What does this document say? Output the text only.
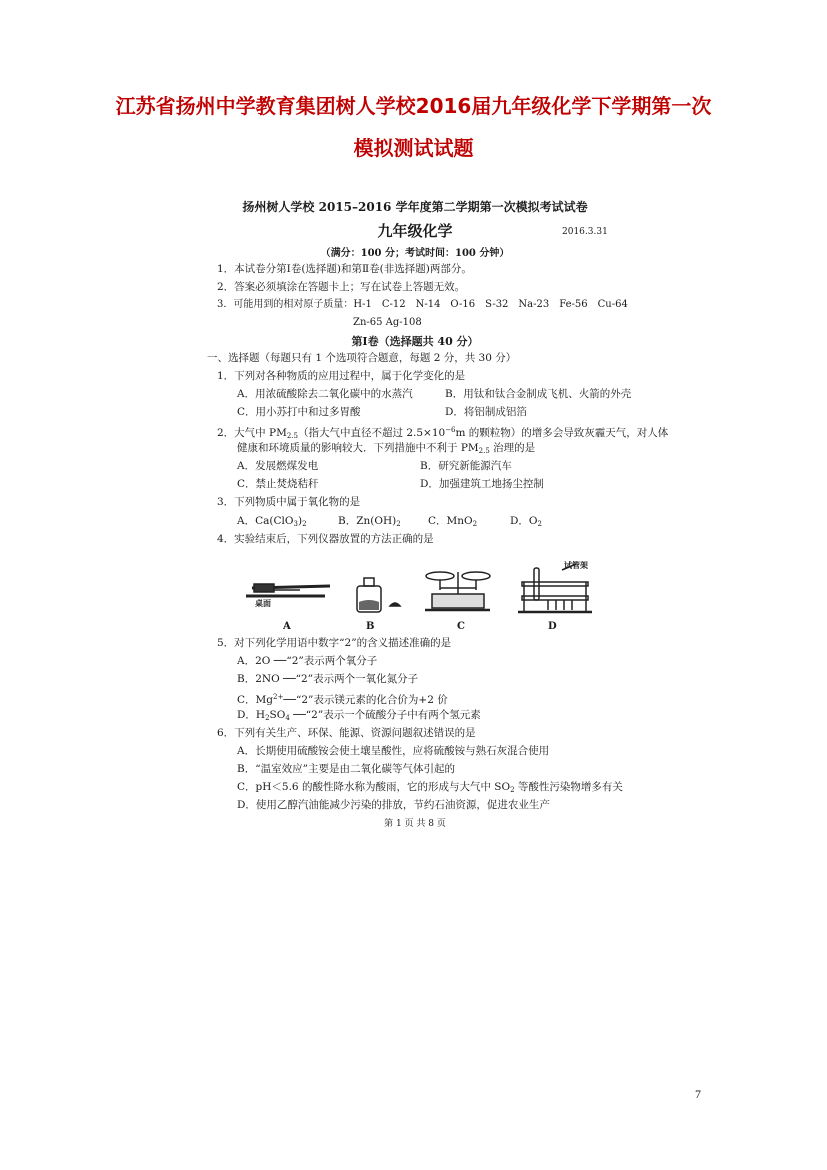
江苏省扬州中学教育集团树人学校2016届九年级化学下学期第一次
模拟测试试题
扬州树人学校 2015–2016 学年度第二学期第一次模拟考试试卷
九年级化学	2016.3.31
（满分：100 分；考试时间：100 分钟）
1．本试卷分第Ⅰ卷(选择题)和第Ⅱ卷(非选择题)两部分。
2．答案必须填涂在答题卡上；写在试卷上答题无效。
3．可能用到的相对原子质量：H-1　C-12　N-14　O-16　S-32　Na-23　Fe-56　Cu-64
Zn-65 Ag-108
第Ⅰ卷（选择题共 40 分）
一、选择题（每题只有 1 个选项符合题意，每题 2 分，共 30 分）
1．下列对各种物质的应用过程中，属于化学变化的是
A．用浓硫酸除去二氧化碳中的水蒸汽	B．用钛和钛合金制成飞机、火箭的外壳
C．用小苏打中和过多胃酸	D．将铝制成铝箔
2．大气中 $PM_{2.5}$（指大气中直径不超过 $2.5\times 10^{-6}m$ 的颗粒物）的增多会导致灰霾天气，对人体
健康和环境质量的影响较大．下列措施中不利于 $PM_{2.5}$ 治理的是
A．发展燃煤发电	B．研究新能源汽车
C．禁止焚烧秸秆	D．加强建筑工地扬尘控制
3．下列物质中属于氧化物的是
A．$Ca(ClO_3)_2$	B．$Zn(OH)_2$	C．MnO$_2$	D．$O_2$
4．实验结束后，下列仪器放置的方法正确的是
桌面
试管架
A	B	C	D
5．对下列化学用语中数字“2”的含义描述准确的是
A．2O ──“2”表示两个氧分子
B．2NO ──“2”表示两个一氧化氮分子
C．$Mg^{2+}──“2$”表示镁元素的化合价为+2 价
D．$H_2SO_4$ ──“2”表示一个硫酸分子中有两个氢元素
6．下列有关生产、环保、能源、资源问题叙述错误的是
A．长期使用硫酸铵会使土壤呈酸性，应将硫酸铵与熟石灰混合使用
B．“温室效应”主要是由二氧化碳等气体引起的
C．pH＜5.6 的酸性降水称为酸雨，它的形成与大气中 $SO_2$ 等酸性污染物增多有关
D．使用乙醇汽油能减少污染的排放，节约石油资源，促进农业生产
第 1 页 共 8 页
7
